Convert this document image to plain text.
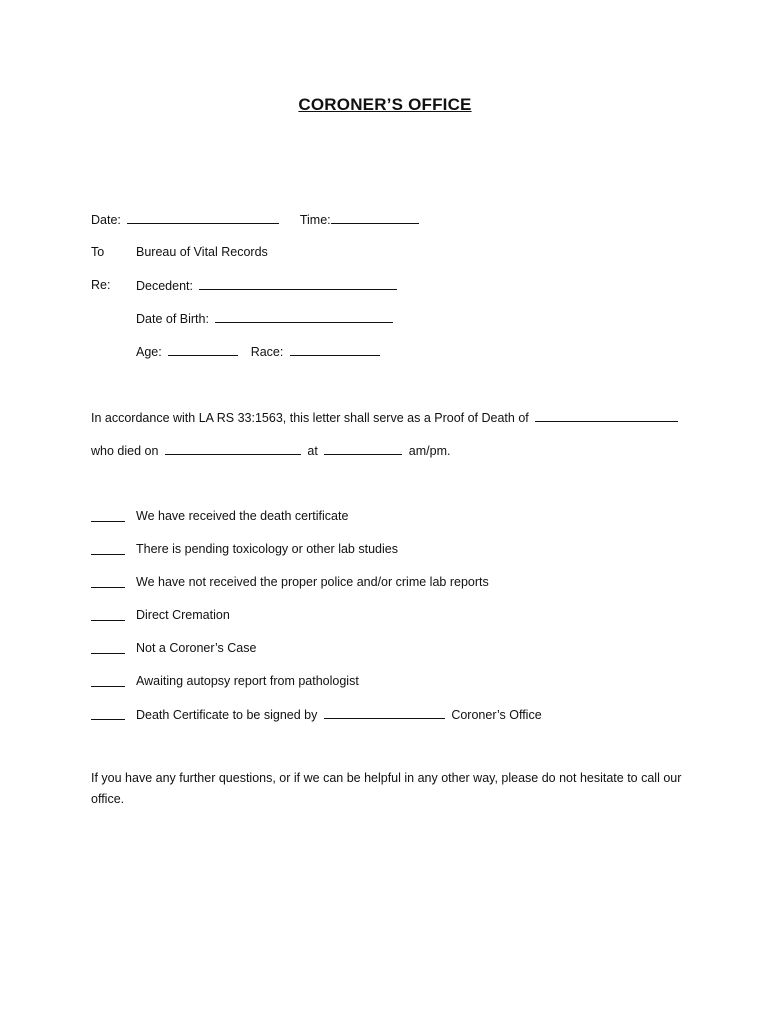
CORONER’S OFFICE
Date:	Time:
To	Bureau of Vital Records
Re: Decedent:
Date of Birth:
Age:	Race:
In accordance with LA RS 33:1563, this letter shall serve as a Proof of Death of
who died on	at	am/pm.
We have received the death certificate
There is pending toxicology or other lab studies
We have not received the proper police and/or crime lab reports
Direct Cremation
Not a Coroner’s Case
Awaiting autopsy report from pathologist
Death Certificate to be signed by	Coroner’s Office
If you have any further questions, or if we can be helpful in any other way, please do not hesitate to call our office.
